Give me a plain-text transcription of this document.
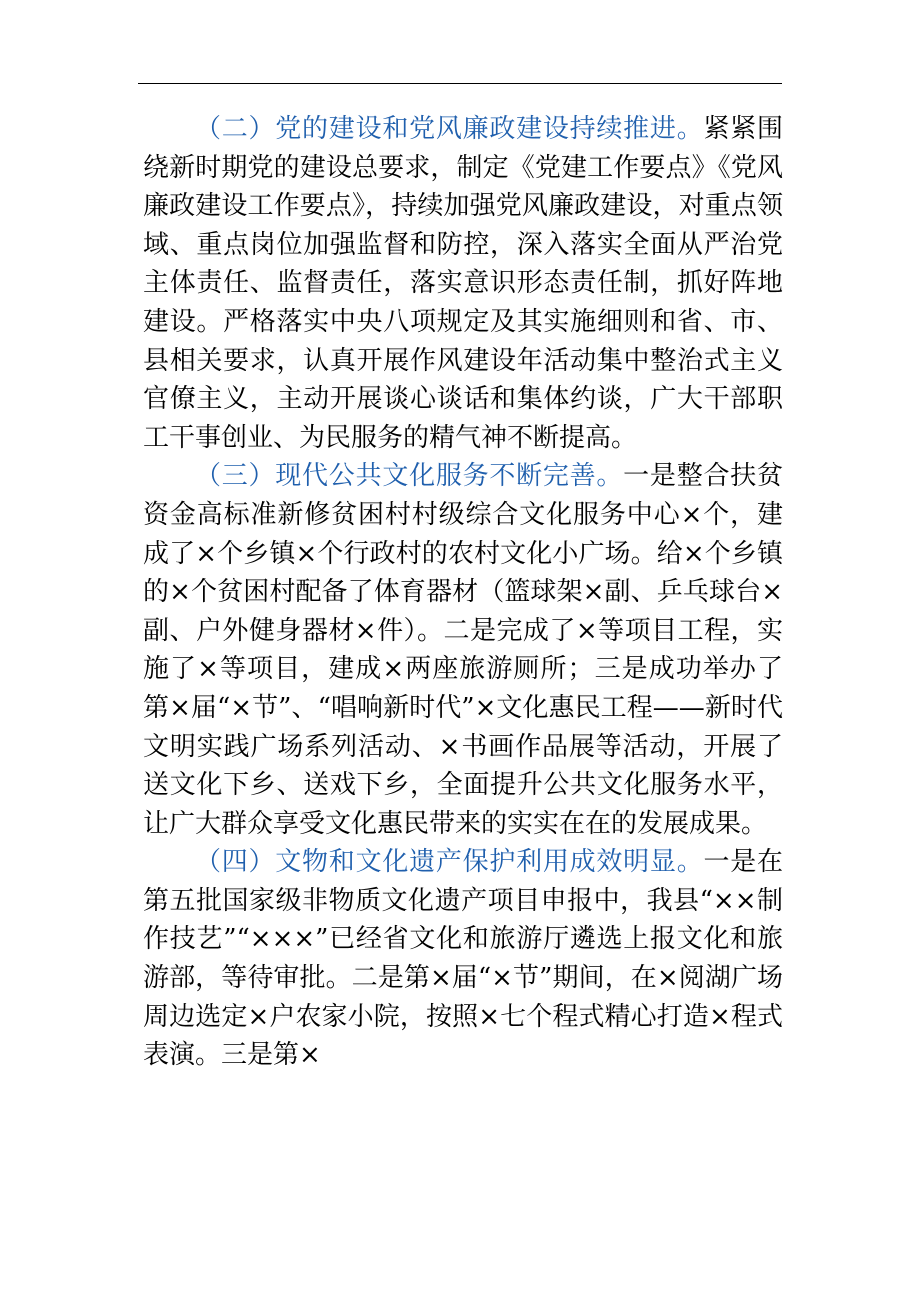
（二）党的建设和党风廉政建设持续推进。紧紧围绕新时期党的建设总要求，制定《党建工作要点》《党风廉政建设工作要点》，持续加强党风廉政建设，对重点领域、重点岗位加强监督和防控，深入落实全面从严治党主体责任、监督责任，落实意识形态责任制，抓好阵地建设。严格落实中央八项规定及其实施细则和省、市、县相关要求，认真开展作风建设年活动集中整治式主义官僚主义，主动开展谈心谈话和集体约谈，广大干部职工干事创业、为民服务的精气神不断提高。

（三）现代公共文化服务不断完善。一是整合扶贫资金高标准新修贫困村村级综合文化服务中心×个，建成了×个乡镇×个行政村的农村文化小广场。给×个乡镇的×个贫困村配备了体育器材（篮球架×副、乒乓球台×副、户外健身器材×件）。二是完成了×等项目工程，实施了×等项目，建成×两座旅游厕所；三是成功举办了第×届“×节”、“唱响新时代”×文化惠民工程——新时代文明实践广场系列活动、×书画作品展等活动，开展了送文化下乡、送戏下乡，全面提升公共文化服务水平，让广大群众享受文化惠民带来的实实在在的发展成果。

（四）文物和文化遗产保护利用成效明显。一是在第五批国家级非物质文化遗产项目申报中，我县“××制作技艺”“×××”已经省文化和旅游厅遴选上报文化和旅游部，等待审批。二是第×届“×节”期间，在×阅湖广场周边选定×户农家小院，按照×七个程式精心打造×程式表演。三是第×
